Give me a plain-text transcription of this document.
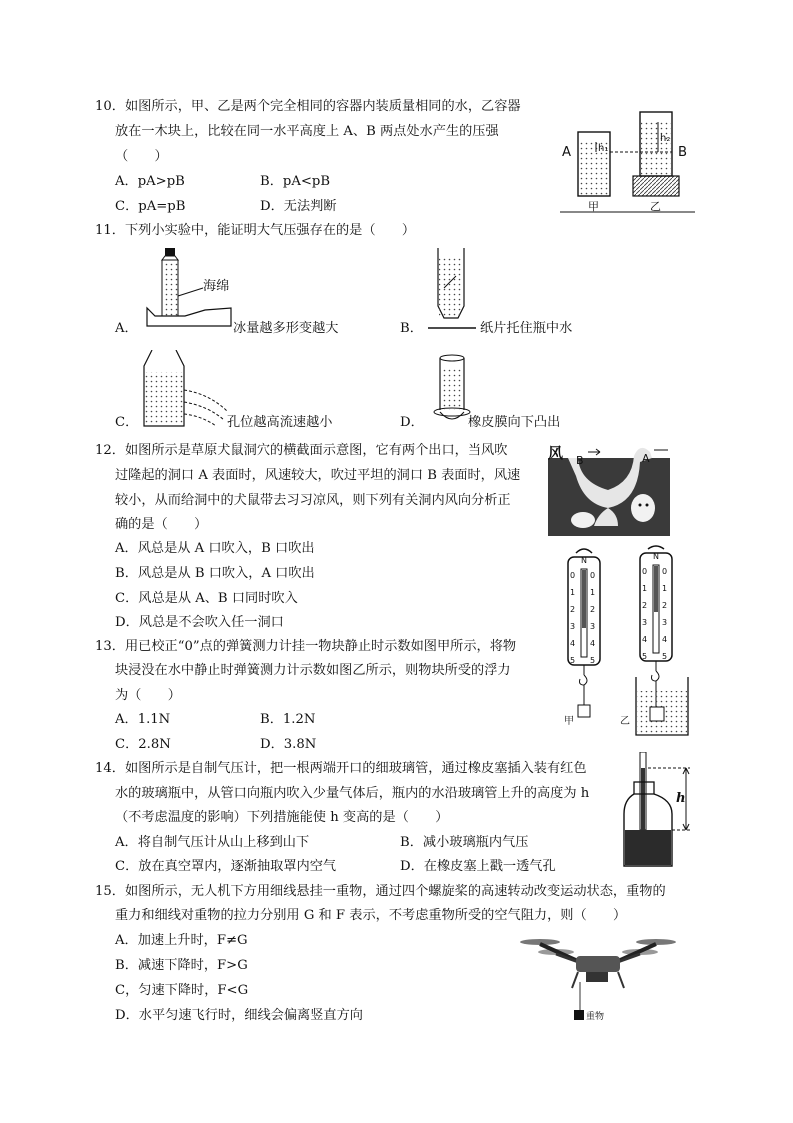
10．如图所示，甲、乙是两个完全相同的容器内装质量相同的水，乙容器
放在一木块上，比较在同一水平高度上 A、B 两点处水产生的压强
（　　）
A．pA>pB	B．pA<pB
C．pA=pB	D．无法判断
A	h₁
h₂
B
甲	乙
11．下列小实验中，能证明大气压强存在的是（　　）
A．
海绵
冰量越多形变越大	B．	纸片托住瓶中水
C．	孔位越高流速越小	D．	橡皮膜向下凸出
12．如图所示是草原犬鼠洞穴的横截面示意图，它有两个出口，当风吹
过隆起的洞口 A 表面时，风速较大，吹过平坦的洞口 B 表面时，风速
较小，从而给洞中的犬鼠带去习习凉风，则下列有关洞内风向分析正
确的是（　　）
A．风总是从 A 口吹入，B 口吹出
B．风总是从 B 口吹入，A 口吹出
C．风总是从 A、B 口同时吹入
D．风总是不会吹入任一洞口
风 B	A
13．用已校正“0”点的弹簧测力计挂一物块静止时示数如图甲所示，将物
块浸没在水中静止时弹簧测力计示数如图乙所示，则物块所受的浮力
为（　　）
A．1.1N	B．1.2N
C．2.8N	D．3.8N
N	N
0
1
2
3
4
5
0
1
2
3
4
5
0
1
2
3
4
5
0
1
2
3
4
5
甲	乙
14．如图所示是自制气压计，把一根两端开口的细玻璃管，通过橡皮塞插入装有红色
水的玻璃瓶中，从管口向瓶内吹入少量气体后，瓶内的水沿玻璃管上升的高度为 h
（不考虑温度的影响）下列措施能使 h 变高的是（　　）
A．将自制气压计从山上移到山下	B．减小玻璃瓶内气压
C．放在真空罩内，逐渐抽取罩内空气	D．在橡皮塞上戳一透气孔
h
15．如图所示，无人机下方用细线悬挂一重物，通过四个螺旋桨的高速转动改变运动状态，重物的
重力和细线对重物的拉力分别用 G 和 F 表示，不考虑重物所受的空气阻力，则（　　）
A．加速上升时，F≠G
B．减速下降时，F>G
C，匀速下降时，F<G
D．水平匀速飞行时，细线会偏离竖直方向	重物
